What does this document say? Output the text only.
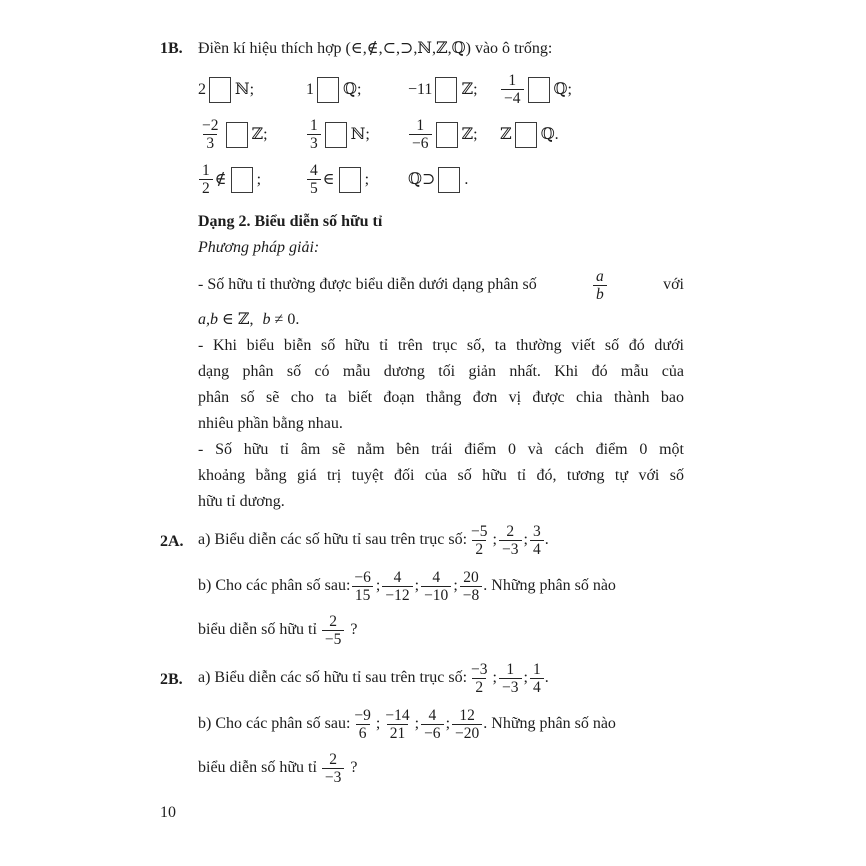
1B. Điền kí hiệu thích hợp (∈,∉,⊂,⊃,ℕ,ℤ,ℚ) vào ô trống:
2 ℕ;	1 ℚ;	−11 ℤ; $\frac{1}{-4}$ ℚ;
$\frac{-2}{3}$ ℤ;	$\frac{1}{3}$ ℕ;	$\frac{1}{-6}$ ℤ; ℤ ℚ.
$\frac{1}{2}$ ∉ ;	$\frac{4}{5}$ ∈ ; ℚ⊃ .
Dạng 2. Biểu diễn số hữu tỉ
Phương pháp giải:
- Số hữu tỉ thường được biểu diễn dưới dạng phân số	$\frac{a}{b}$	với
a,b ∈ ℤ, b ≠ 0.
- Khi biểu biễn số hữu tỉ trên trục số, ta thường viết số đó dưới
dạng phân số có mẫu dương tối giản nhất. Khi đó mẫu của
phân số sẽ cho ta biết đoạn thẳng đơn vị được chia thành bao
nhiêu phần bằng nhau.
- Số hữu tỉ âm sẽ nằm bên trái điểm 0 và cách điểm 0 một
khoảng bằng giá trị tuyệt đối của số hữu tỉ đó, tương tự với số
hữu tỉ dương.
2A. a) Biểu diễn các số hữu tỉ sau trên trục số: $\frac{-5}{2}$ ; $\frac{2}{-3}$ ; $\frac{3}{4}$ .
b) Cho các phân số sau: $\frac{-6}{15}$ ; $\frac{4}{-12}$ ; $\frac{4}{-10}$ ; $\frac{20}{-8}$ . Những phân số nào
biểu diễn số hữu tỉ $\frac{2}{-5}$ ?
2B. a) Biểu diễn các số hữu tỉ sau trên trục số: $\frac{-3}{2}$ ; $\frac{1}{-3}$ ; $\frac{1}{4}$ .
b) Cho các phân số sau: $\frac{-9}{6}$ ; $\frac{-14}{21}$ ; $\frac{4}{-6}$ ; $\frac{12}{-20}$ . Những phân số nào
biểu diễn số hữu tỉ $\frac{2}{-3}$ ?
10
